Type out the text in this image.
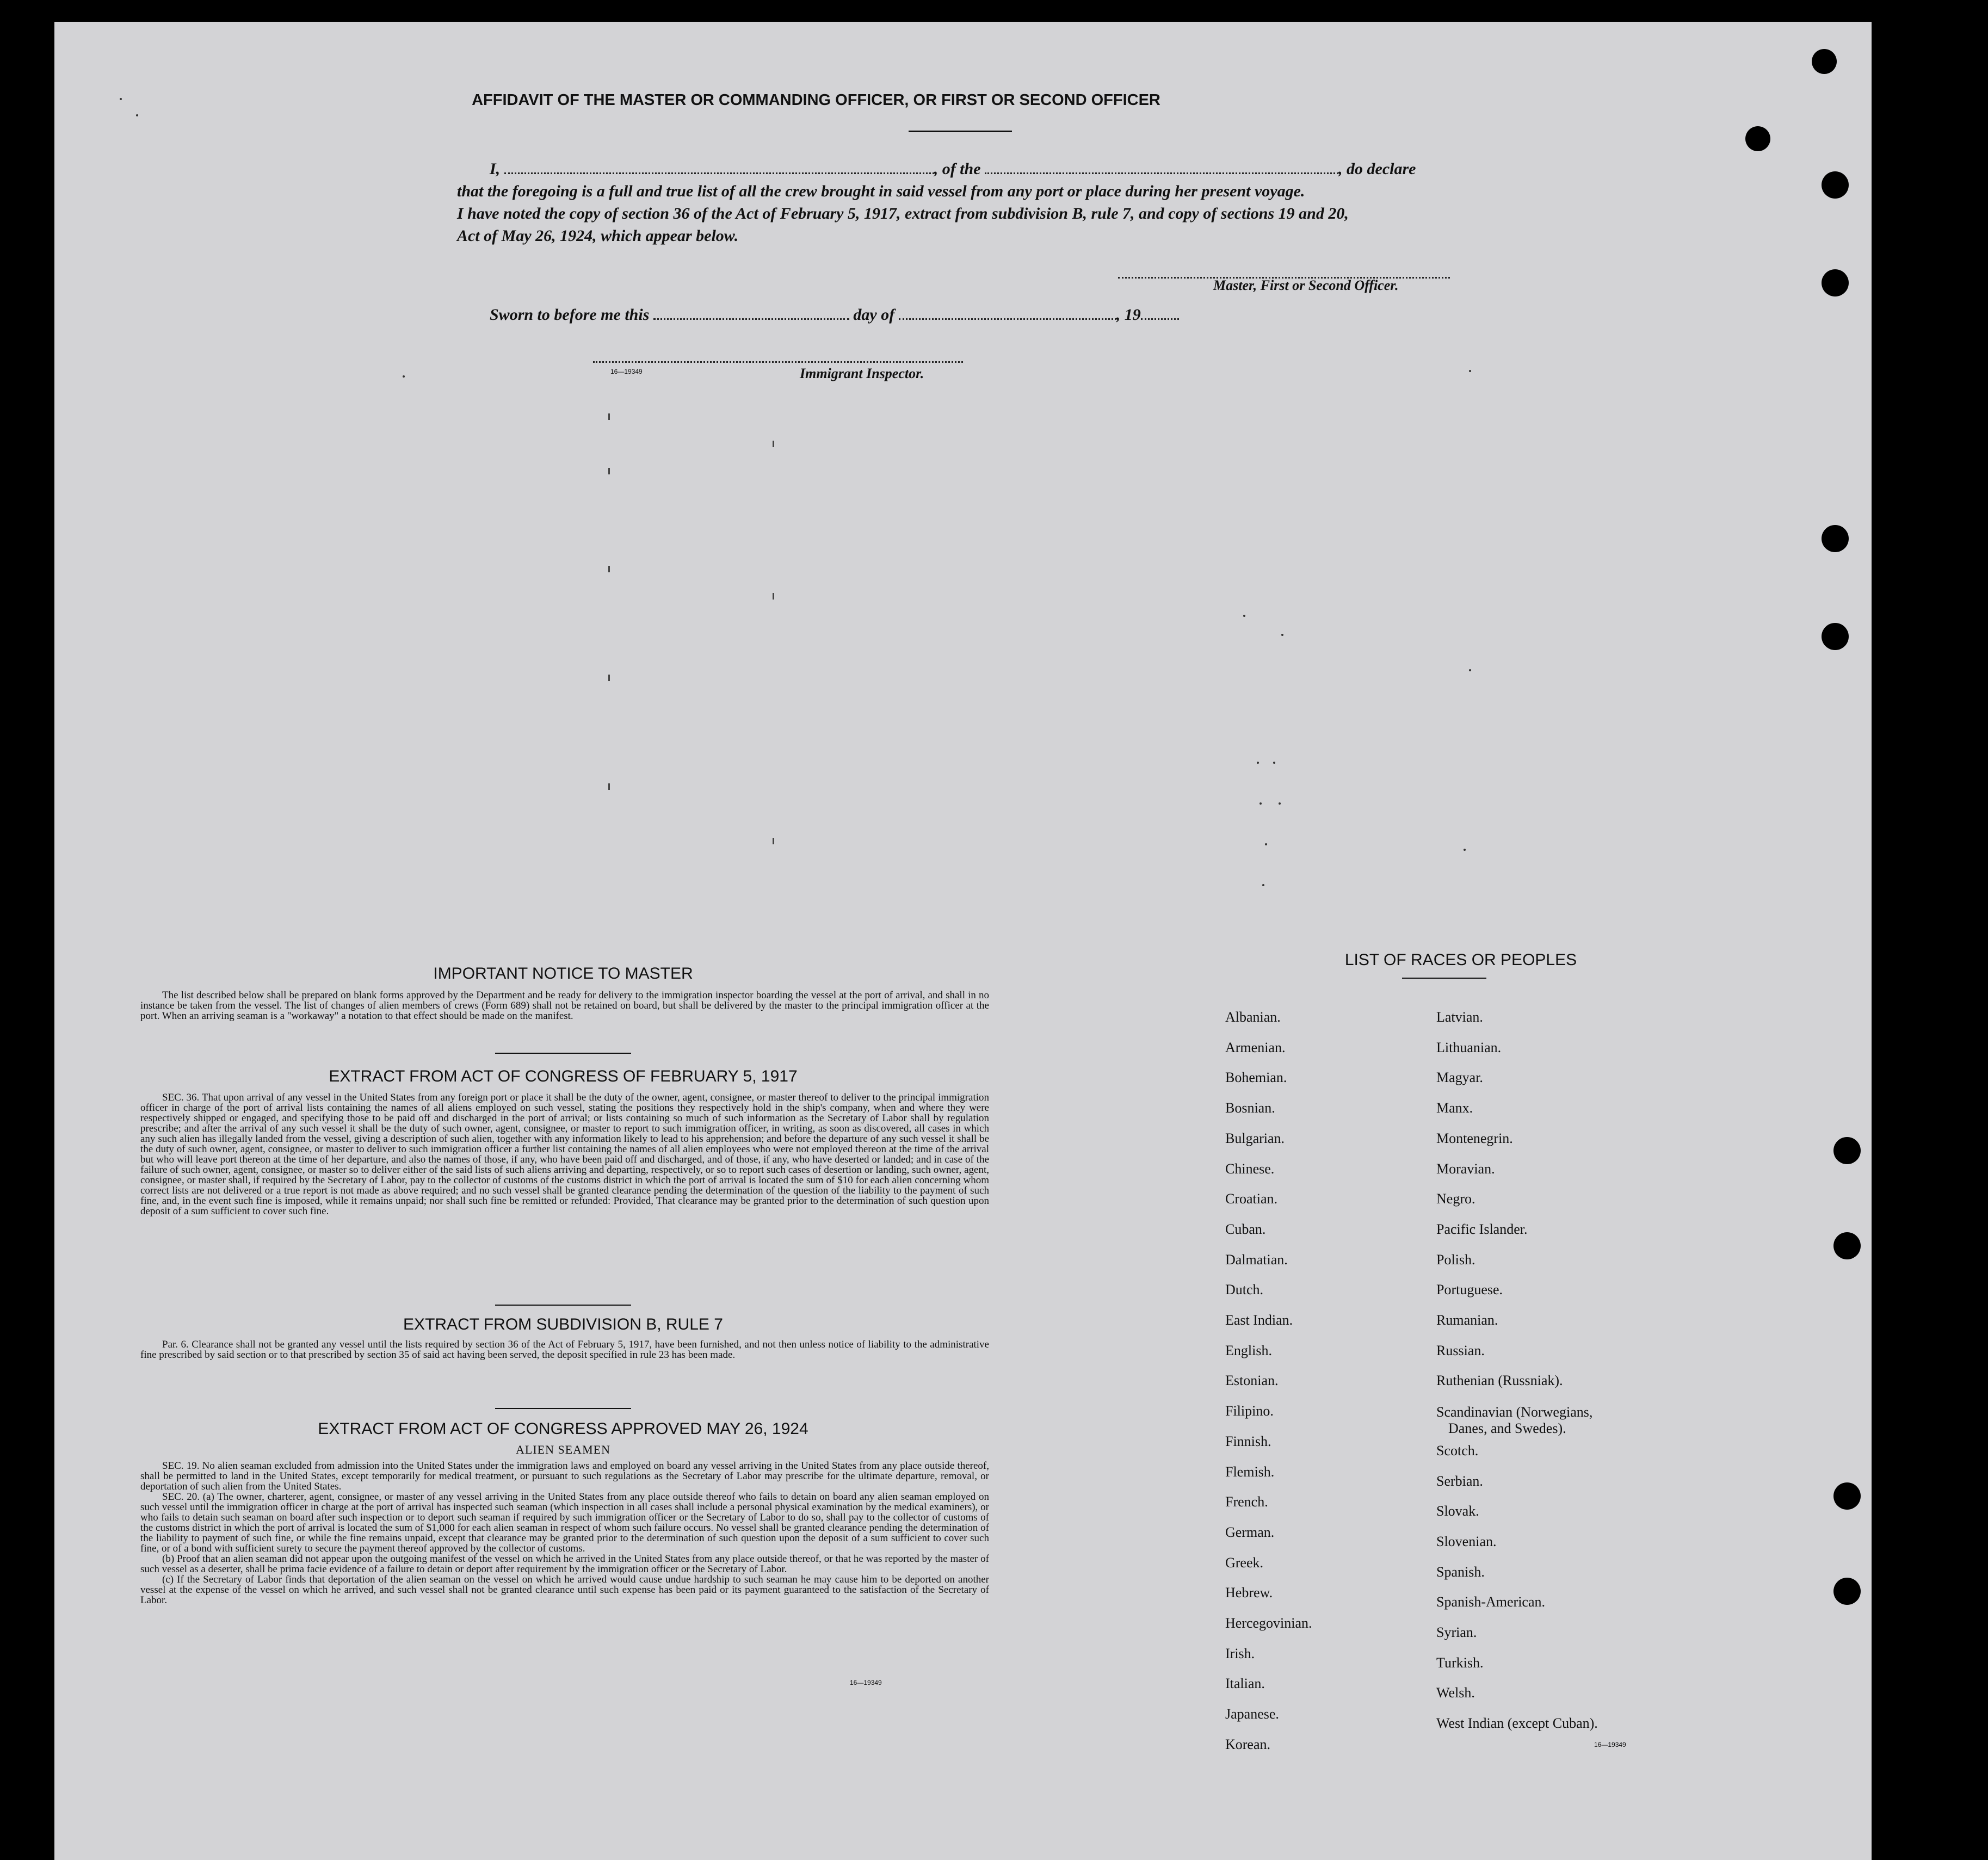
AFFIDAVIT OF THE MASTER OR COMMANDING OFFICER, OR FIRST OR SECOND OFFICER
I,	, of the	, do declare
that the foregoing is a full and true list of all the crew brought in said vessel from any port or place during her present voyage.
I have noted the copy of section 36 of the Act of February 5, 1917, extract from subdivision B, rule 7, and copy of sections 19 and 20,
Act of May 26, 1924, which appear below.
Master, First or Second Officer.
Sworn to before me this	day of	, 19
16—19349	Immigrant Inspector.
IMPORTANT NOTICE TO MASTER

The list described below shall be prepared on blank forms approved by the Department and be ready for delivery to the immigration inspector boarding the vessel at the port of arrival, and shall in no instance be taken from the vessel. The list of changes of alien members of crews (Form 689) shall not be retained on board, but shall be delivered by the master to the principal immigration officer at the port. When an arriving seaman is a "workaway" a notation to that effect should be made on the manifest.

EXTRACT FROM ACT OF CONGRESS OF FEBRUARY 5, 1917

SEC. 36. That upon arrival of any vessel in the United States from any foreign port or place it shall be the duty of the owner, agent, consignee, or master thereof to deliver to the principal immigration officer in charge of the port of arrival lists containing the names of all aliens employed on such vessel, stating the positions they respectively hold in the ship's company, when and where they were respectively shipped or engaged, and specifying those to be paid off and discharged in the port of arrival; or lists containing so much of such information as the Secretary of Labor shall by regulation prescribe; and after the arrival of any such vessel it shall be the duty of such owner, agent, consignee, or master to report to such immigration officer, in writing, as soon as discovered, all cases in which any such alien has illegally landed from the vessel, giving a description of such alien, together with any information likely to lead to his apprehension; and before the departure of any such vessel it shall be the duty of such owner, agent, consignee, or master to deliver to such immigration officer a further list containing the names of all alien employees who were not employed thereon at the time of the arrival but who will leave port thereon at the time of her departure, and also the names of those, if any, who have been paid off and discharged, and of those, if any, who have deserted or landed; and in case of the failure of such owner, agent, consignee, or master so to deliver either of the said lists of such aliens arriving and departing, respectively, or so to report such cases of desertion or landing, such owner, agent, consignee, or master shall, if required by the Secretary of Labor, pay to the collector of customs of the customs district in which the port of arrival is located the sum of $10 for each alien concerning whom correct lists are not delivered or a true report is not made as above required; and no such vessel shall be granted clearance pending the determination of the question of the liability to the payment of such fine, and, in the event such fine is imposed, while it remains unpaid; nor shall such fine be remitted or refunded: Provided, That clearance may be granted prior to the determination of such question upon deposit of a sum sufficient to cover such fine.

EXTRACT FROM SUBDIVISION B, RULE 7

Par. 6. Clearance shall not be granted any vessel until the lists required by section 36 of the Act of February 5, 1917, have been furnished, and not then unless notice of liability to the administrative fine prescribed by said section or to that prescribed by section 35 of said act having been served, the deposit specified in rule 23 has been made.

EXTRACT FROM ACT OF CONGRESS APPROVED MAY 26, 1924
ALIEN SEAMEN

SEC. 19. No alien seaman excluded from admission into the United States under the immigration laws and employed on board any vessel arriving in the United States from any place outside thereof, shall be permitted to land in the United States, except temporarily for medical treatment, or pursuant to such regulations as the Secretary of Labor may prescribe for the ultimate departure, removal, or deportation of such alien from the United States.

SEC. 20. (a) The owner, charterer, agent, consignee, or master of any vessel arriving in the United States from any place outside thereof who fails to detain on board any alien seaman employed on such vessel until the immigration officer in charge at the port of arrival has inspected such seaman (which inspection in all cases shall include a personal physical examination by the medical examiners), or who fails to detain such seaman on board after such inspection or to deport such seaman if required by such immigration officer or the Secretary of Labor to do so, shall pay to the collector of customs of the customs district in which the port of arrival is located the sum of $1,000 for each alien seaman in respect of whom such failure occurs. No vessel shall be granted clearance pending the determination of the liability to payment of such fine, or while the fine remains unpaid, except that clearance may be granted prior to the determination of such question upon the deposit of a sum sufficient to cover such fine, or of a bond with sufficient surety to secure the payment thereof approved by the collector of customs.

(b) Proof that an alien seaman did not appear upon the outgoing manifest of the vessel on which he arrived in the United States from any place outside thereof, or that he was reported by the master of such vessel as a deserter, shall be prima facie evidence of a failure to detain or deport after requirement by the immigration officer or the Secretary of Labor.

(c) If the Secretary of Labor finds that deportation of the alien seaman on the vessel on which he arrived would cause undue hardship to such seaman he may cause him to be deported on another vessel at the expense of the vessel on which he arrived, and such vessel shall not be granted clearance until such expense has been paid or its payment guaranteed to the satisfaction of the Secretary of Labor.

16—19349
LIST OF RACES OR PEOPLES
Albanian.
Armenian.
Bohemian.
Bosnian.
Bulgarian.
Chinese.
Croatian.
Cuban.
Dalmatian.
Dutch.
East Indian.
English.
Estonian.
Filipino.
Finnish.
Flemish.
French.
German.
Greek.
Hebrew.
Hercegovinian.
Irish.
Italian.
Japanese.
Korean.
Latvian.
Lithuanian.
Magyar.
Manx.
Montenegrin.
Moravian.
Negro.
Pacific Islander.
Polish.
Portuguese.
Rumanian.
Russian.
Ruthenian (Russniak).
Scandinavian (Norwegians,
Danes, and Swedes).
Scotch.
Serbian.
Slovak.
Slovenian.
Spanish.
Spanish-American.
Syrian.
Turkish.
Welsh.
West Indian (except Cuban).
16—19349
